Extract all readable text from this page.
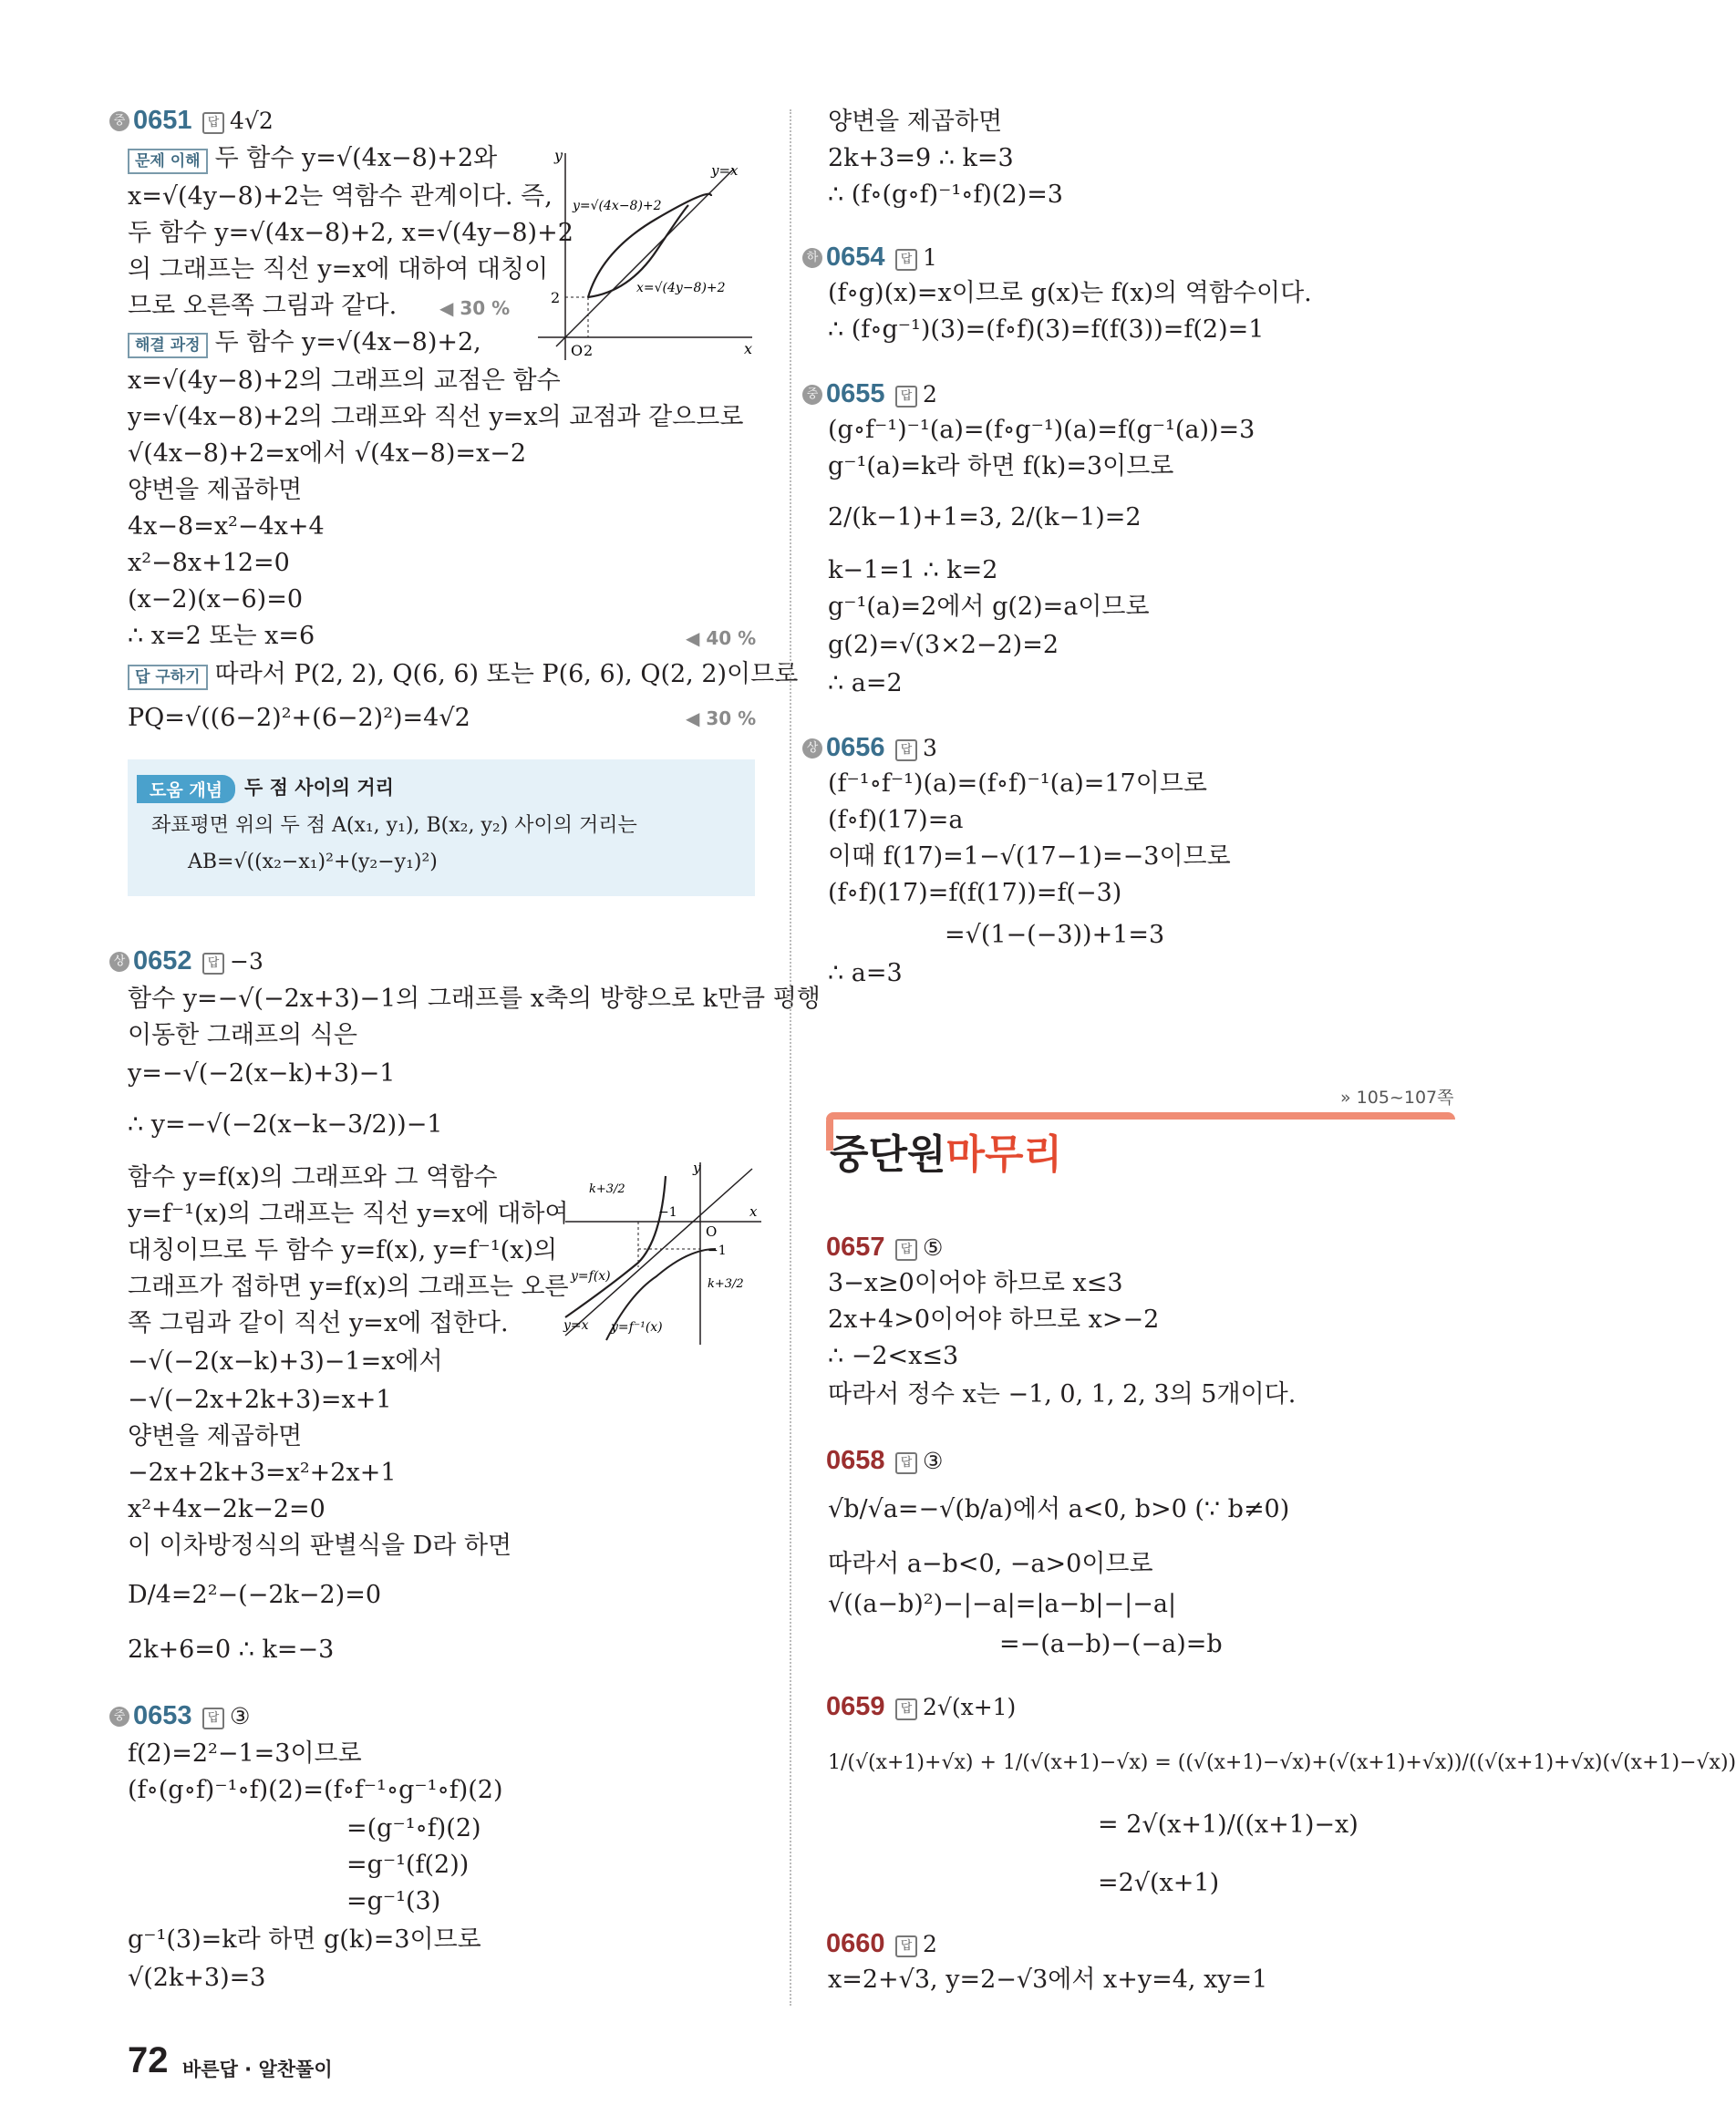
중 0651	답 4√2
문제 이해 두 함수 y=√(4x−8)+2와
x=√(4y−8)+2는 역함수 관계이다. 즉,
두 함수 y=√(4x−8)+2, x=√(4y−8)+2
의 그래프는 직선 y=x에 대하여 대칭이
므로 오른쪽 그림과 같다. ◀ 30 %
해결 과정 두 함수 y=√(4x−8)+2,
x=√(4y−8)+2의 그래프의 교점은 함수
y=√(4x−8)+2의 그래프와 직선 y=x의 교점과 같으므로
√(4x−8)+2=x에서 √(4x−8)=x−2
양변을 제곱하면
4x−8=x²−4x+4
x²−8x+12=0
(x−2)(x−6)=0
∴ x=2 또는 x=6	◀ 40 %
답 구하기 따라서 P(2, 2), Q(6, 6) 또는 P(6, 6), Q(2, 2)이므로
PQ=√((6−2)²+(6−2)²)=4√2	◀ 30 %
y
x
O 2
2
y=x
y=√(4x−8)+2
x=√(4y−8)+2
도움 개념	두 점 사이의 거리
좌표평면 위의 두 점 A(x₁, y₁), B(x₂, y₂) 사이의 거리는
AB=√((x₂−x₁)²+(y₂−y₁)²)
상 0652	답 −3
함수 y=−√(−2x+3)−1의 그래프를 x축의 방향으로 k만큼 평행
이동한 그래프의 식은
y=−√(−2(x−k)+3)−1
∴ y=−√(−2(x−k−3/2))−1
함수 y=f(x)의 그래프와 그 역함수
y=f⁻¹(x)의 그래프는 직선 y=x에 대하여
대칭이므로 두 함수 y=f(x), y=f⁻¹(x)의
그래프가 접하면 y=f(x)의 그래프는 오른
쪽 그림과 같이 직선 y=x에 접한다.
−√(−2(x−k)+3)−1=x에서
−√(−2x+2k+3)=x+1
양변을 제곱하면
−2x+2k+3=x²+2x+1
x²+4x−2k−2=0
이 이차방정식의 판별식을 D라 하면
D/4=2²−(−2k−2)=0
2k+6=0 ∴ k=−3
y
x
O
k+3/2
−1
−1
k+3/2
y=f(x)
y=x y=f⁻¹(x)
중 0653	답 ③
f(2)=2²−1=3이므로
(f∘(g∘f)⁻¹∘f)(2)=(f∘f⁻¹∘g⁻¹∘f)(2)
=(g⁻¹∘f)(2)
=g⁻¹(f(2))
=g⁻¹(3)
g⁻¹(3)=k라 하면 g(k)=3이므로
√(2k+3)=3
양변을 제곱하면
2k+3=9 ∴ k=3
∴ (f∘(g∘f)⁻¹∘f)(2)=3
하 0654	답 1
(f∘g)(x)=x이므로 g(x)는 f(x)의 역함수이다.
∴ (f∘g⁻¹)(3)=(f∘f)(3)=f(f(3))=f(2)=1
중 0655	답 2
(g∘f⁻¹)⁻¹(a)=(f∘g⁻¹)(a)=f(g⁻¹(a))=3
g⁻¹(a)=k라 하면 f(k)=3이므로
2/(k−1)+1=3, 2/(k−1)=2
k−1=1 ∴ k=2
g⁻¹(a)=2에서 g(2)=a이므로
g(2)=√(3×2−2)=2
∴ a=2
상 0656	답 3
(f⁻¹∘f⁻¹)(a)=(f∘f)⁻¹(a)=17이므로
(f∘f)(17)=a
이때 f(17)=1−√(17−1)=−3이므로
(f∘f)(17)=f(f(17))=f(−3)
=√(1−(−3))+1=3
∴ a=3
» 105~107쪽
중단원마무리
0657	답 ⑤
3−x≥0이어야 하므로 x≤3
2x+4>0이어야 하므로 x>−2
∴ −2<x≤3
따라서 정수 x는 −1, 0, 1, 2, 3의 5개이다.
0658	답 ③
√b/√a=−√(b/a)에서 a<0, b>0 (∵ b≠0)
따라서 a−b<0, −a>0이므로
√((a−b)²)−|−a|=|a−b|−|−a|
=−(a−b)−(−a)=b
0659	답 2√(x+1)
1/(√(x+1)+√x) + 1/(√(x+1)−√x) = ((√(x+1)−√x)+(√(x+1)+√x))/((√(x+1)+√x)(√(x+1)−√x))
= 2√(x+1)/((x+1)−x)
=2√(x+1)
0660	답 2
x=2+√3, y=2−√3에서 x+y=4, xy=1
72 바른답 · 알찬풀이
